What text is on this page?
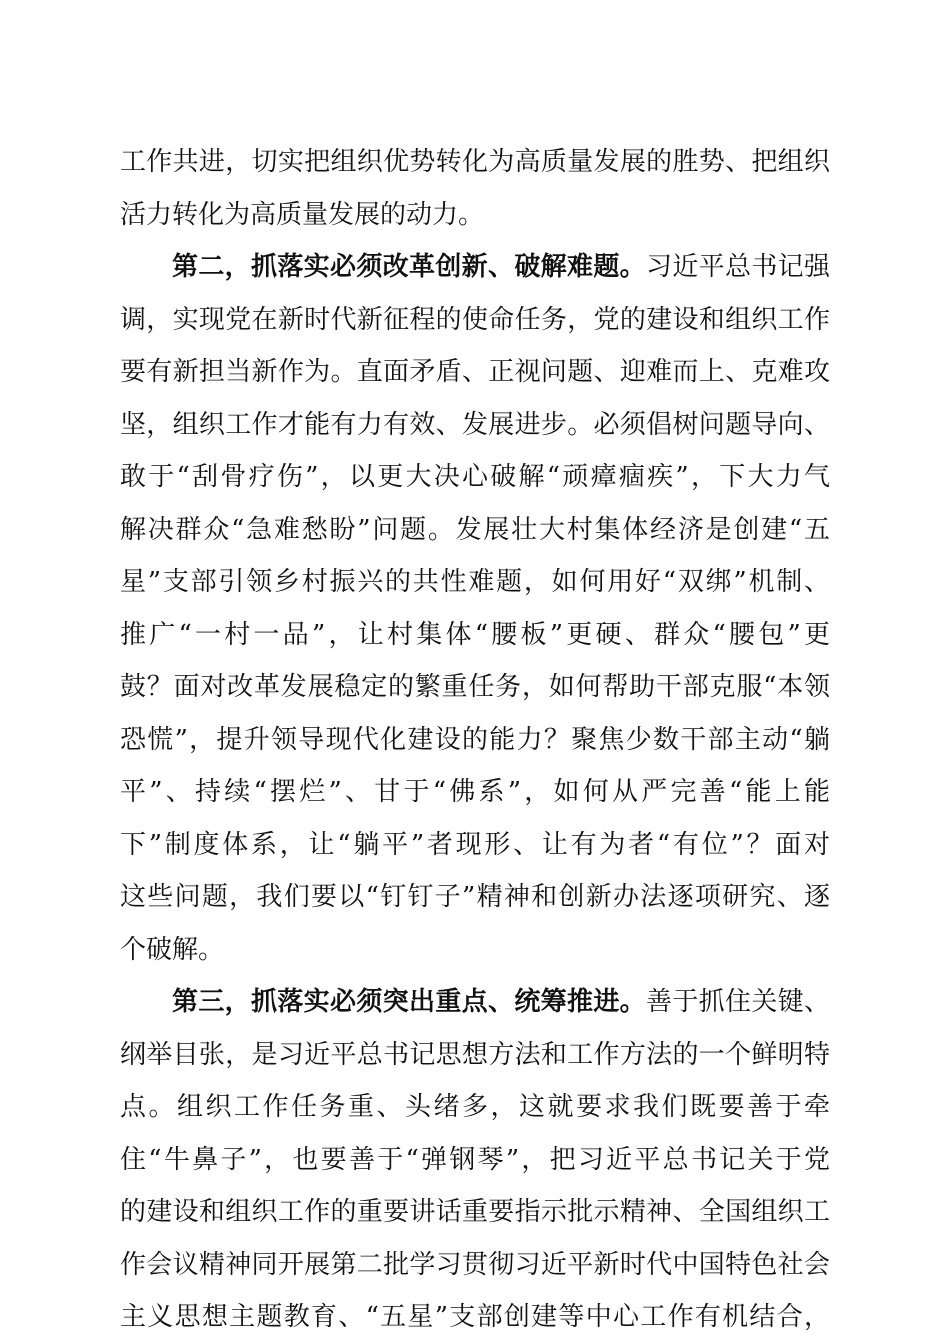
工作共进，切实把组织优势转化为高质量发展的胜势、把组织
活力转化为高质量发展的动力。
第二，抓落实必须改革创新、破解难题。习近平总书记强
调，实现党在新时代新征程的使命任务，党的建设和组织工作
要有新担当新作为。直面矛盾、正视问题、迎难而上、克难攻
坚，组织工作才能有力有效、发展进步。必须倡树问题导向、
敢于“刮骨疗伤”，以更大决心破解“顽瘴痼疾”，下大力气
解决群众“急难愁盼”问题。发展壮大村集体经济是创建“五
星”支部引领乡村振兴的共性难题，如何用好“双绑”机制、
推广“一村一品”，让村集体“腰板”更硬、群众“腰包”更
鼓？面对改革发展稳定的繁重任务，如何帮助干部克服“本领
恐慌”，提升领导现代化建设的能力？聚焦少数干部主动“躺
平”、持续“摆烂”、甘于“佛系”，如何从严完善“能上能
下”制度体系，让“躺平”者现形、让有为者“有位”？面对
这些问题，我们要以“钉钉子”精神和创新办法逐项研究、逐
个破解。
第三，抓落实必须突出重点、统筹推进。善于抓住关键、
纲举目张，是习近平总书记思想方法和工作方法的一个鲜明特
点。组织工作任务重、头绪多，这就要求我们既要善于牵
住“牛鼻子”，也要善于“弹钢琴”，把习近平总书记关于党
的建设和组织工作的重要讲话重要指示批示精神、全国组织工
作会议精神同开展第二批学习贯彻习近平新时代中国特色社会
主义思想主题教育、“五星”支部创建等中心工作有机结合，
